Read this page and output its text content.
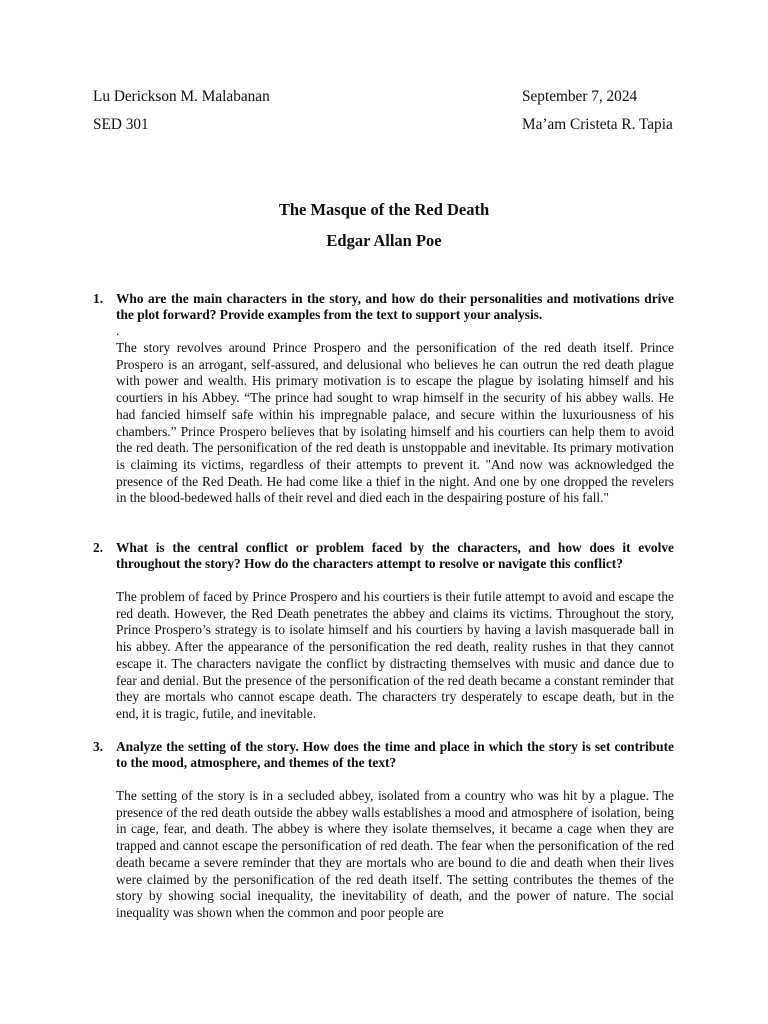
Lu Derickson M. Malabanan	September 7, 2024
SED 301	Ma’am Cristeta R. Tapia
The Masque of the Red Death
Edgar Allan Poe
1. Who are the main characters in the story, and how do their personalities and motivations drive the plot forward? Provide examples from the text to support your analysis.
.
The story revolves around Prince Prospero and the personification of the red death itself. Prince Prospero is an arrogant, self-assured, and delusional who believes he can outrun the red death plague with power and wealth. His primary motivation is to escape the plague by isolating himself and his courtiers in his Abbey. “The prince had sought to wrap himself in the security of his abbey walls. He had fancied himself safe within his impregnable palace, and secure within the luxuriousness of his chambers.” Prince Prospero believes that by isolating himself and his courtiers can help them to avoid the red death. The personification of the red death is unstoppable and inevitable. Its primary motivation is claiming its victims, regardless of their attempts to prevent it. "And now was acknowledged the presence of the Red Death. He had come like a thief in the night. And one by one dropped the revelers in the blood-bedewed halls of their revel and died each in the despairing posture of his fall."
2. What is the central conflict or problem faced by the characters, and how does it evolve throughout the story? How do the characters attempt to resolve or navigate this conflict?
The problem of faced by Prince Prospero and his courtiers is their futile attempt to avoid and escape the red death. However, the Red Death penetrates the abbey and claims its victims. Throughout the story, Prince Prospero’s strategy is to isolate himself and his courtiers by having a lavish masquerade ball in his abbey. After the appearance of the personification the red death, reality rushes in that they cannot escape it. The characters navigate the conflict by distracting themselves with music and dance due to fear and denial. But the presence of the personification of the red death became a constant reminder that they are mortals who cannot escape death. The characters try desperately to escape death, but in the end, it is tragic, futile, and inevitable.
3. Analyze the setting of the story. How does the time and place in which the story is set contribute to the mood, atmosphere, and themes of the text?
The setting of the story is in a secluded abbey, isolated from a country who was hit by a plague. The presence of the red death outside the abbey walls establishes a mood and atmosphere of isolation, being in cage, fear, and death. The abbey is where they isolate themselves, it became a cage when they are trapped and cannot escape the personification of red death. The fear when the personification of the red death became a severe reminder that they are mortals who are bound to die and death when their lives were claimed by the personification of the red death itself. The setting contributes the themes of the story by showing social inequality, the inevitability of death, and the power of nature. The social inequality was shown when the common and poor people are
